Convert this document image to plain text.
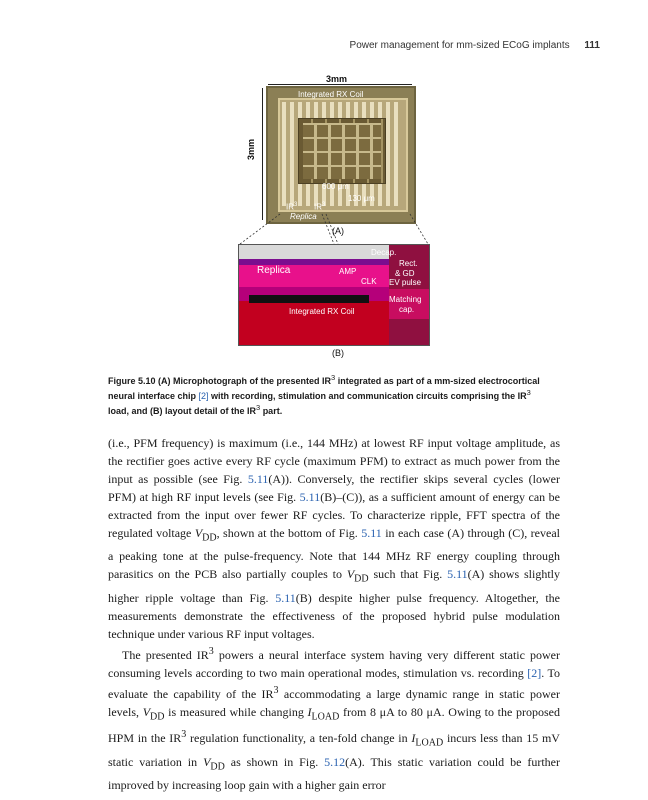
Power management for mm-sized ECoG implants 111
3mm
3mm
Integrated RX Coil
600 μm
130 μm
$IR^3$ $IR^3$
Replica
(A)
Decap.
Replica	AMP
CLK
Rect.
& GD
EV pulse
Matching
cap.
Integrated RX Coil
(B)
Figure 5.10 (A) Microphotograph of the presented $IR^3$ integrated as part of a mm-sized electrocortical neural interface chip [2] with recording, stimulation and communication circuits comprising the $IR^3$ load, and (B) layout detail of the $IR^3$ part.

(i.e., PFM frequency) is maximum (i.e., 144 MHz) at lowest RF input voltage amplitude, as the rectifier goes active every RF cycle (maximum PFM) to extract as much power from the input as possible (see Fig. 5.11(A)). Conversely, the rectifier skips several cycles (lower PFM) at high RF input levels (see Fig. 5.11(B)–(C)), as a sufficient amount of energy can be extracted from the input over fewer RF cycles. To characterize ripple, FFT spectra of the regulated voltage $V_{DD}$, shown at the bottom of Fig. 5.11 in each case (A) through (C), reveal a peaking tone at the pulse-frequency. Note that 144 MHz RF energy coupling through parasitics on the PCB also partially couples to $V_{DD}$ such that Fig. 5.11(A) shows slightly higher ripple voltage than Fig. 5.11(B) despite higher pulse frequency. Altogether, the measurements demonstrate the effectiveness of the proposed hybrid pulse modulation technique under various RF input voltages.

The presented $IR^3$ powers a neural interface system having very different static power consuming levels according to two main operational modes, stimulation vs. recording [2]. To evaluate the capability of the $IR^3$ accommodating a large dynamic range in static power levels, $V_{DD}$ is measured while changing $I_{LOAD}$ from 8 μA to 80 μA. Owing to the proposed HPM in the $IR^3$ regulation functionality, a ten-fold change in $I_{LOAD}$ incurs less than 15 mV static variation in $V_{DD}$ as shown in Fig. 5.12(A). This static variation could be further improved by increasing loop gain with a higher gain error
